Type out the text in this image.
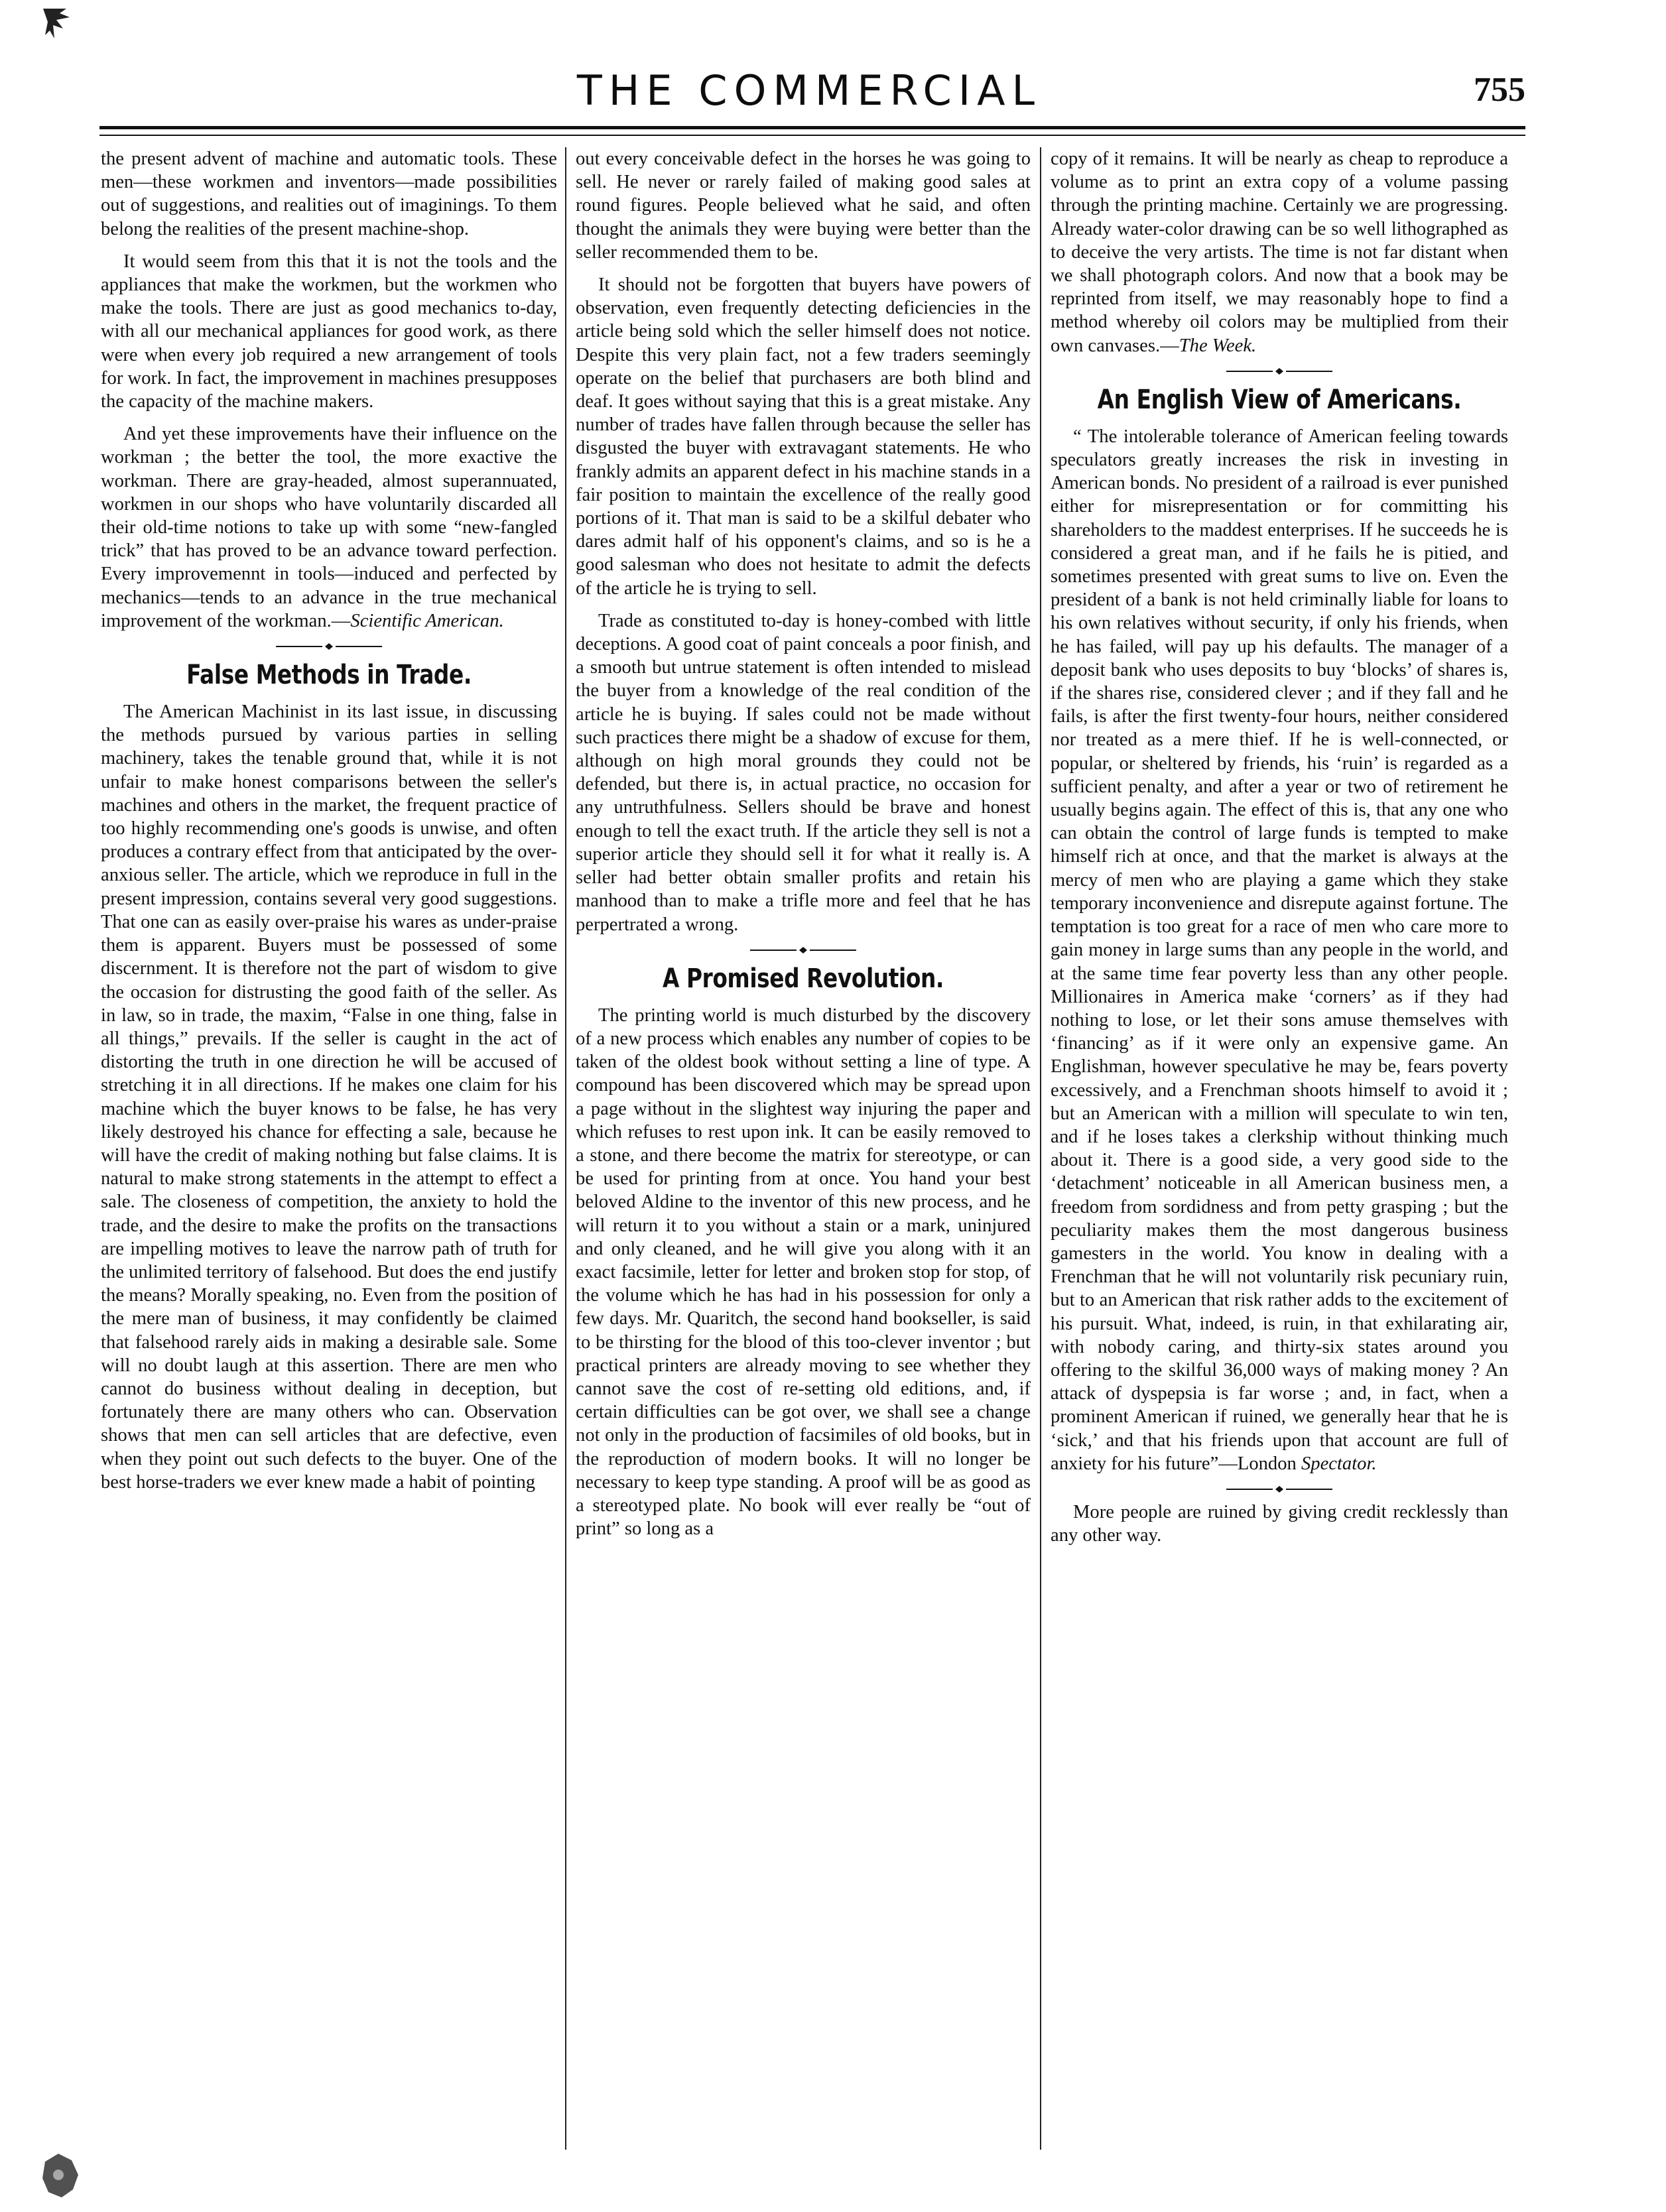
THE COMMERCIAL	755

the present advent of machine and automatic tools. These men—these workmen and inventors—made possibilities out of suggestions, and realities out of imaginings. To them belong the realities of the present machine-shop.

It would seem from this that it is not the tools and the appliances that make the workmen, but the workmen who make the tools. There are just as good mechanics to-day, with all our mechanical appliances for good work, as there were when every job required a new arrangement of tools for work. In fact, the improvement in machines presupposes the capacity of the machine makers.

And yet these improvements have their influence on the workman ; the better the tool, the more exactive the workman. There are gray-headed, almost superannuated, workmen in our shops who have voluntarily discarded all their old-time notions to take up with some “new-fangled trick” that has proved to be an advance toward perfection. Every improvemennt in tools—induced and perfected by mechanics—tends to an advance in the true mechanical improvement of the workman.—Scientific American.

False Methods in Trade.

The American Machinist in its last issue, in discussing the methods pursued by various parties in selling machinery, takes the tenable ground that, while it is not unfair to make honest comparisons between the seller's machines and others in the market, the frequent practice of too highly recommending one's goods is unwise, and often produces a contrary effect from that anticipated by the over-anxious seller. The article, which we reproduce in full in the present impression, contains several very good suggestions. That one can as easily over-praise his wares as under-praise them is apparent. Buyers must be possessed of some discernment. It is therefore not the part of wisdom to give the occasion for distrusting the good faith of the seller. As in law, so in trade, the maxim, “False in one thing, false in all things,” prevails. If the seller is caught in the act of distorting the truth in one direction he will be accused of stretching it in all directions. If he makes one claim for his machine which the buyer knows to be false, he has very likely destroyed his chance for effecting a sale, because he will have the credit of making nothing but false claims. It is natural to make strong statements in the attempt to effect a sale. The closeness of competition, the anxiety to hold the trade, and the desire to make the profits on the transactions are impelling motives to leave the narrow path of truth for the unlimited territory of falsehood. But does the end justify the means? Morally speaking, no. Even from the position of the mere man of business, it may confidently be claimed that falsehood rarely aids in making a desirable sale. Some will no doubt laugh at this assertion. There are men who cannot do business without dealing in deception, but fortunately there are many others who can. Observation shows that men can sell articles that are defective, even when they point out such defects to the buyer. One of the best horse-traders we ever knew made a habit of pointing

out every conceivable defect in the horses he was going to sell. He never or rarely failed of making good sales at round figures. People believed what he said, and often thought the animals they were buying were better than the seller recommended them to be.

It should not be forgotten that buyers have powers of observation, even frequently detecting deficiencies in the article being sold which the seller himself does not notice. Despite this very plain fact, not a few traders seemingly operate on the belief that purchasers are both blind and deaf. It goes without saying that this is a great mistake. Any number of trades have fallen through because the seller has disgusted the buyer with extravagant statements. He who frankly admits an apparent defect in his machine stands in a fair position to maintain the excellence of the really good portions of it. That man is said to be a skilful debater who dares admit half of his opponent's claims, and so is he a good salesman who does not hesitate to admit the defects of the article he is trying to sell.

Trade as constituted to-day is honey-combed with little deceptions. A good coat of paint conceals a poor finish, and a smooth but untrue statement is often intended to mislead the buyer from a knowledge of the real condition of the article he is buying. If sales could not be made without such practices there might be a shadow of excuse for them, although on high moral grounds they could not be defended, but there is, in actual practice, no occasion for any untruthfulness. Sellers should be brave and honest enough to tell the exact truth. If the article they sell is not a superior article they should sell it for what it really is. A seller had better obtain smaller profits and retain his manhood than to make a trifle more and feel that he has perpertrated a wrong.

A Promised Revolution.

The printing world is much disturbed by the discovery of a new process which enables any number of copies to be taken of the oldest book without setting a line of type. A compound has been discovered which may be spread upon a page without in the slightest way injuring the paper and which refuses to rest upon ink. It can be easily removed to a stone, and there become the matrix for stereotype, or can be used for printing from at once. You hand your best beloved Aldine to the inventor of this new process, and he will return it to you without a stain or a mark, uninjured and only cleaned, and he will give you along with it an exact facsimile, letter for letter and broken stop for stop, of the volume which he has had in his possession for only a few days. Mr. Quaritch, the second hand bookseller, is said to be thirsting for the blood of this too-clever inventor ; but practical printers are already moving to see whether they cannot save the cost of re-setting old editions, and, if certain difficulties can be got over, we shall see a change not only in the production of facsimiles of old books, but in the reproduction of modern books. It will no longer be necessary to keep type standing. A proof will be as good as a stereotyped plate. No book will ever really be “out of print” so long as a

copy of it remains. It will be nearly as cheap to reproduce a volume as to print an extra copy of a volume passing through the printing machine. Certainly we are progressing. Already water-color drawing can be so well lithographed as to deceive the very artists. The time is not far distant when we shall photograph colors. And now that a book may be reprinted from itself, we may reasonably hope to find a method whereby oil colors may be multiplied from their own canvases.—The Week.

An English View of Americans.

“ The intolerable tolerance of American feeling towards speculators greatly increases the risk in investing in American bonds. No president of a railroad is ever punished either for misrepresentation or for committing his shareholders to the maddest enterprises. If he succeeds he is considered a great man, and if he fails he is pitied, and sometimes presented with great sums to live on. Even the president of a bank is not held criminally liable for loans to his own relatives without security, if only his friends, when he has failed, will pay up his defaults. The manager of a deposit bank who uses deposits to buy ‘blocks’ of shares is, if the shares rise, considered clever ; and if they fall and he fails, is after the first twenty-four hours, neither considered nor treated as a mere thief. If he is well-connected, or popular, or sheltered by friends, his ‘ruin’ is regarded as a sufficient penalty, and after a year or two of retirement he usually begins again. The effect of this is, that any one who can obtain the control of large funds is tempted to make himself rich at once, and that the market is always at the mercy of men who are playing a game which they stake temporary inconvenience and disrepute against fortune. The temptation is too great for a race of men who care more to gain money in large sums than any people in the world, and at the same time fear poverty less than any other people. Millionaires in America make ‘corners’ as if they had nothing to lose, or let their sons amuse themselves with ‘financing’ as if it were only an expensive game. An Englishman, however speculative he may be, fears poverty excessively, and a Frenchman shoots himself to avoid it ; but an American with a million will speculate to win ten, and if he loses takes a clerkship without thinking much about it. There is a good side, a very good side to the ‘detachment’ noticeable in all American business men, a freedom from sordidness and from petty grasping ; but the peculiarity makes them the most dangerous business gamesters in the world. You know in dealing with a Frenchman that he will not voluntarily risk pecuniary ruin, but to an American that risk rather adds to the excitement of his pursuit. What, indeed, is ruin, in that exhilarating air, with nobody caring, and thirty-six states around you offering to the skilful 36,000 ways of making money ? An attack of dyspepsia is far worse ; and, in fact, when a prominent American if ruined, we generally hear that he is ‘sick,’ and that his friends upon that account are full of anxiety for his future”—London Spectator.

More people are ruined by giving credit recklessly than any other way.
